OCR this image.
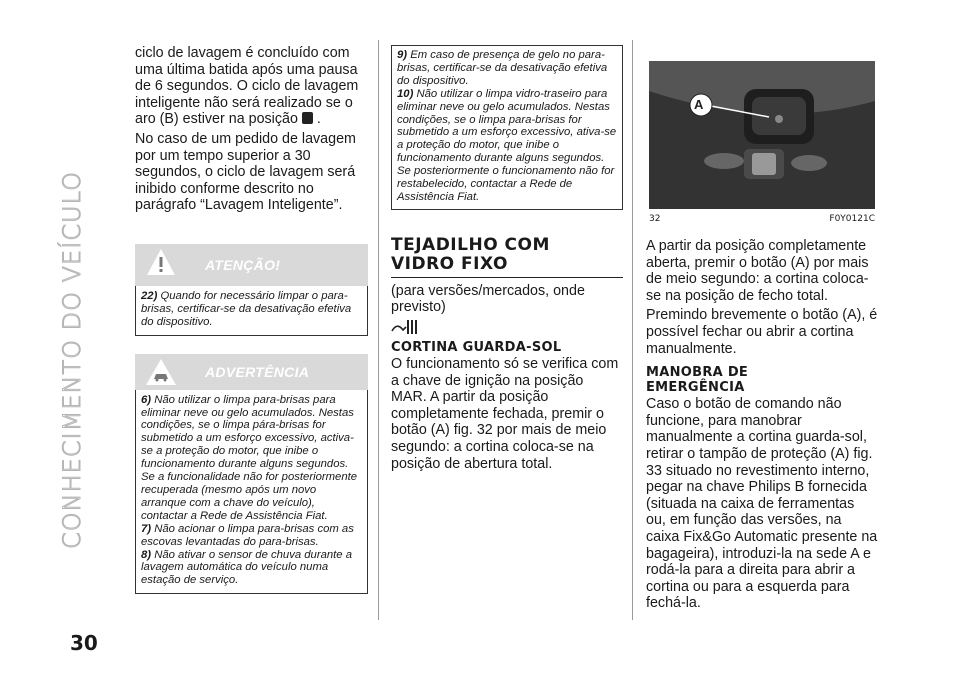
CONHECIMENTO DO VEÍCULO
30

ciclo de lavagem é concluído com uma última batida após uma pausa de 6 segundos. O ciclo de lavagem inteligente não será realizado se o aro (B) estiver na posição .

No caso de um pedido de lavagem por um tempo superior a 30 segundos, o ciclo de lavagem será inibido conforme descrito no parágrafo “Lavagem Inteligente”.

ATENÇÃO!
22) Quando for necessário limpar o para-brisas, certificar-se da desativação efetiva do dispositivo.
ADVERTÊNCIA
6) Não utilizar o limpa para-brisas para eliminar neve ou gelo acumulados. Nestas condições, se o limpa pára-brisas for submetido a um esforço excessivo, activa-se a proteção do motor, que inibe o funcionamento durante alguns segundos. Se a funcionalidade não for posteriormente recuperada (mesmo após um novo arranque com a chave do veículo), contactar a Rede de Assistência Fiat.
7) Não acionar o limpa para-brisas com as escovas levantadas do para-brisas.
8) Não ativar o sensor de chuva durante a lavagem automática do veículo numa estação de serviço.
9) Em caso de presença de gelo no para-brisas, certificar-se da desativação efetiva do dispositivo.
10) Não utilizar o limpa vidro-traseiro para eliminar neve ou gelo acumulados. Nestas condições, se o limpa para-brisas for submetido a um esforço excessivo, ativa-se a proteção do motor, que inibe o funcionamento durante alguns segundos. Se posteriormente o funcionamento não for restabelecido, contactar a Rede de Assistência Fiat.

TEJADILHO COM

VIDRO FIXO

(para versões/mercados, onde previsto)

CORTINA GUARDA-SOL

O funcionamento só se verifica com a chave de ignição na posição MAR. A partir da posição completamente fechada, premir o botão (A) fig. 32 por mais de meio segundo: a cortina coloca-se na posição de abertura total.

A
32	F0Y0121C

A partir da posição completamente aberta, premir o botão (A) por mais de meio segundo: a cortina coloca-se na posição de fecho total.

Premindo brevemente o botão (A), é possível fechar ou abrir a cortina manualmente.

MANOBRA DE

EMERGÊNCIA

Caso o botão de comando não funcione, para manobrar manualmente a cortina guarda-sol, retirar o tampão de proteção (A) fig. 33 situado no revestimento interno, pegar na chave Philips B fornecida (situada na caixa de ferramentas ou, em função das versões, na caixa Fix&Go Automatic presente na bagageira), introduzi-la na sede A e rodá-la para a direita para abrir a cortina ou para a esquerda para fechá-la.
